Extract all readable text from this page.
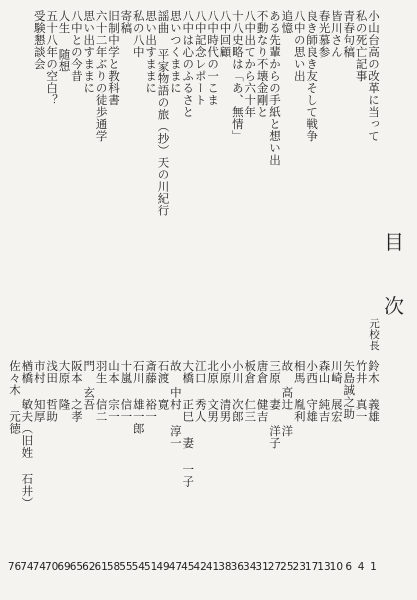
目
次
小山台高の改革に当って
元校長
鈴木 義雄
1
私の死亡記事
竹井 真一
4
青春句稿
矢島誠之助
6
皆川さん
川崎 展宏
10
春光慕参
森山 純吉
13
良き師良き友そして戦争
小西 守雄
17
八中の思い出
相馬 胤利
23
追憶
故 高辻 洋
25
ある先輩からの手紙と想い出
三原 妻 洋子
27
不動なり不壊金剛と
唐倉 健吉
31
八中出てから六十年
板倉 仁三
34
十八史略は「あ、無情」
小川 次郎
36
八中回顧
小原 清男
38
八中時代の一こま
北原 文男
41
八中記念レポート
江口 秀人
42
八中は心のふるさと
大橋 正巳 妻 一子
45
思いつくままに
故 中村 淳一
47
謡曲 平家物語の旅（抄）天の川紀行
石渡 寛
49
思い出すままに
斎藤 裕一
51
私の八中
石川 雄一郎
54
寄稿
十嵐 信一
55
旧制中学と教科書
山本 宗一
58
六十二年ぶりの徒歩通学
羽生 信二
61
思い出すままに
門 玄吾
62
八中との今昔
阪本 之孝
65
人生 随想
大原 隆
69
五十八年の空白？
浅田 哲助
70
受験懇談会
市村 知厚
74
楢橋 敏夫（旧姓 石井）
74
佐々木 元徳
76
